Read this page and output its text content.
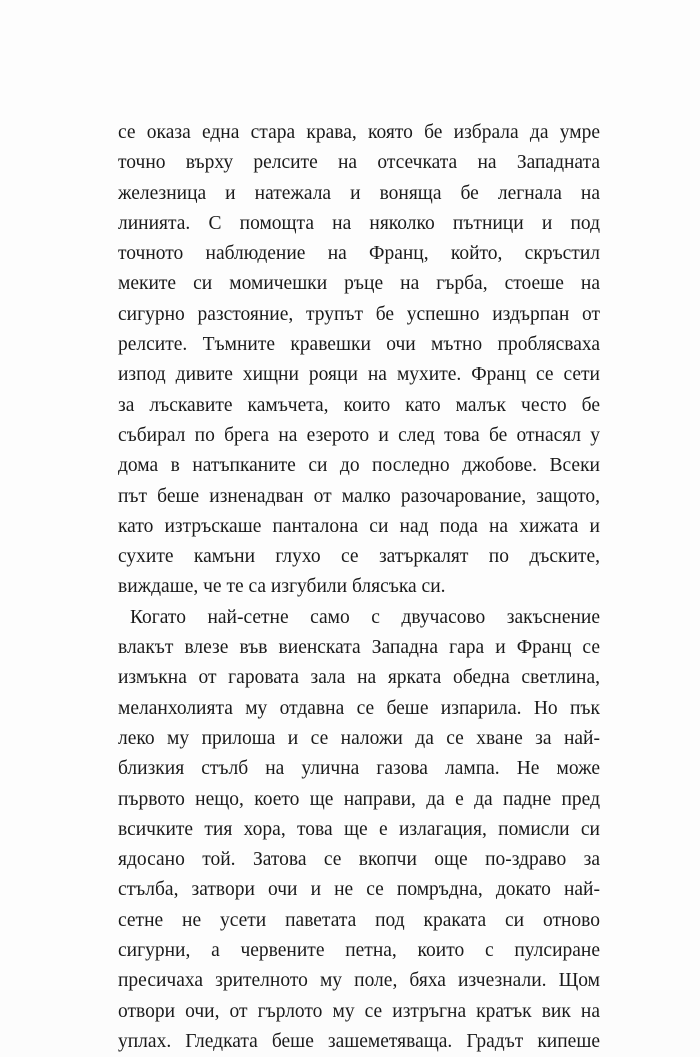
се оказа една стара крава, която бе избрала да умре
точно върху релсите на отсечката на Западната
железница и натежала и воняща бе легнала на
линията. С помощта на няколко пътници и под
точното наблюдение на Франц, който, скръстил
меките си момичешки ръце на гърба, стоеше на
сигурно разстояние, трупът бе успешно издърпан от
релсите. Тъмните кравешки очи мътно проблясваха
изпод дивите хищни рояци на мухите. Франц се сети
за лъскавите камъчета, които като малък често бе
събирал по брега на езерото и след това бе отнасял у
дома в натъпканите си до последно джобове. Всеки
път беше изненадван от малко разочарование, защото,
като изтръскаше панталона си над пода на хижата и
сухите камъни глухо се затъркалят по дъските,
виждаше, че те са изгубили блясъка си.
Когато най-сетне само с двучасово закъснение
влакът влезе във виенската Западна гара и Франц се
измъкна от гаровата зала на ярката обедна светлина,
меланхолията му отдавна се беше изпарила. Но пък
леко му прилоша и се наложи да се хване за най-
близкия стълб на улична газова лампа. Не може
първото нещо, което ще направи, да е да падне пред
всичките тия хора, това ще е излагация, помисли си
ядосано той. Затова се вкопчи още по-здраво за
стълба, затвори очи и не се помръдна, докато най-
сетне не усети паветата под краката си отново
сигурни, а червените петна, които с пулсиране
пресичаха зрителното му поле, бяха изчезнали. Щом
отвори очи, от гърлото му се изтръгна кратък вик на
уплах. Гледката беше зашеметяваща. Градът кипеше
